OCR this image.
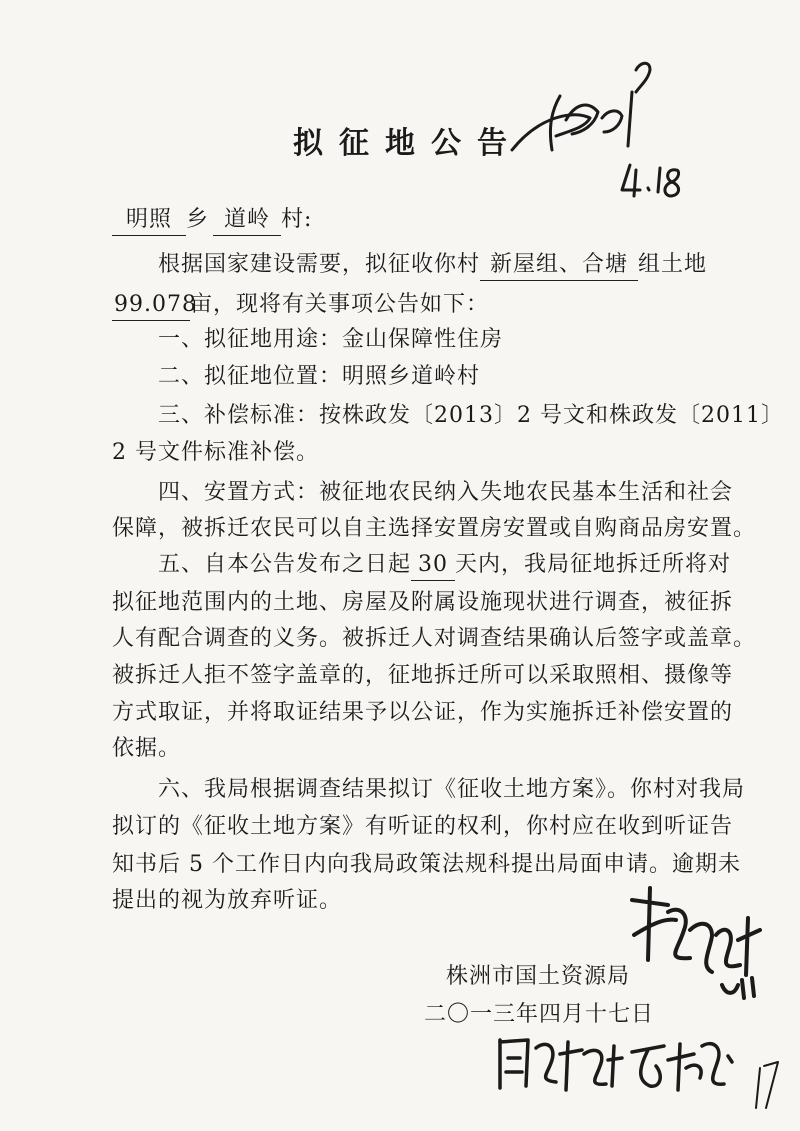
拟征地公告
明照 乡 道岭 村:
根据国家建设需要，拟征收你村 新屋组、合塘 组土地
99.078亩，现将有关事项公告如下：
一、拟征地用途：金山保障性住房
二、拟征地位置：明照乡道岭村
三、补偿标准：按株政发〔2013〕2 号文和株政发〔2011〕
2 号文件标准补偿。
四、安置方式：被征地农民纳入失地农民基本生活和社会
保障，被拆迁农民可以自主选择安置房安置或自购商品房安置。
五、自本公告发布之日起 30 天内，我局征地拆迁所将对
拟征地范围内的土地、房屋及附属设施现状进行调查，被征拆
人有配合调查的义务。被拆迁人对调查结果确认后签字或盖章。
被拆迁人拒不签字盖章的，征地拆迁所可以采取照相、摄像等
方式取证，并将取证结果予以公证，作为实施拆迁补偿安置的
依据。
六、我局根据调查结果拟订《征收土地方案》。你村对我局
拟订的《征收土地方案》有听证的权利，你村应在收到听证告
知书后 5 个工作日内向我局政策法规科提出局面申请。逾期未
提出的视为放弃听证。
株洲市国土资源局
二〇一三年四月十七日
